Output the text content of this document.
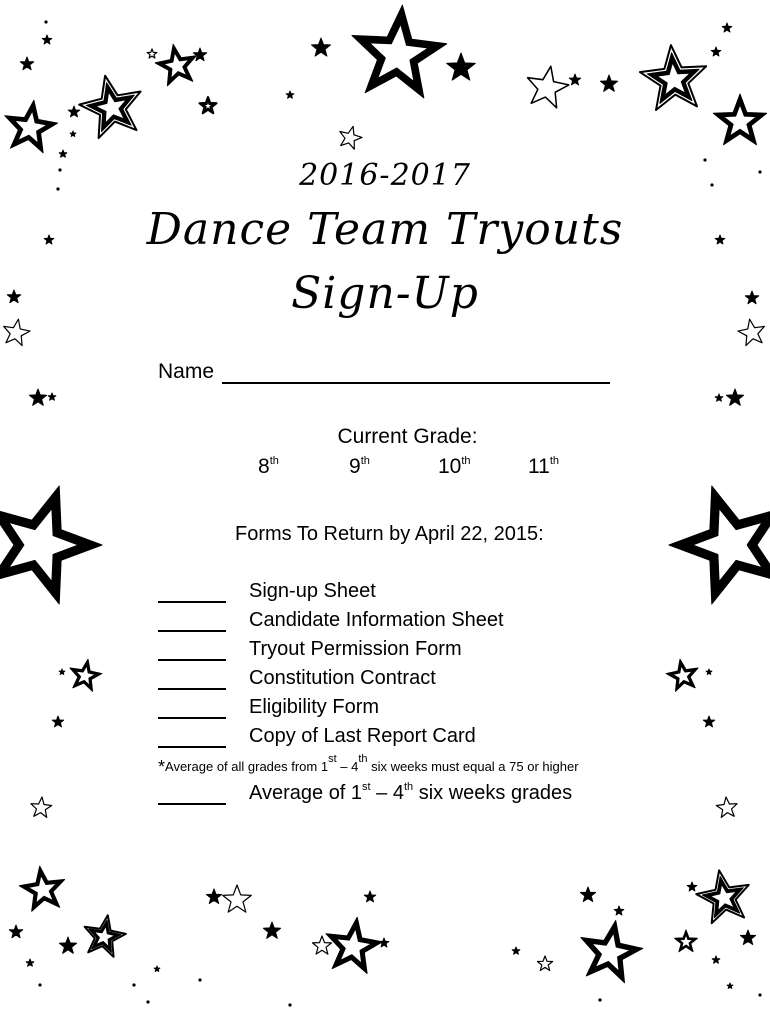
2016-2017
Dance Team Tryouts
Sign-Up
Name
Current Grade:
8th	9th	10th	11th
Forms To Return by April 22, 2015:
Sign-up Sheet
Candidate Information Sheet
Tryout Permission Form
Constitution Contract
Eligibility Form
Copy of Last Report Card
*Average of all grades from 1st – 4th six weeks must equal a 75 or higher
Average of 1st – 4th six weeks grades
